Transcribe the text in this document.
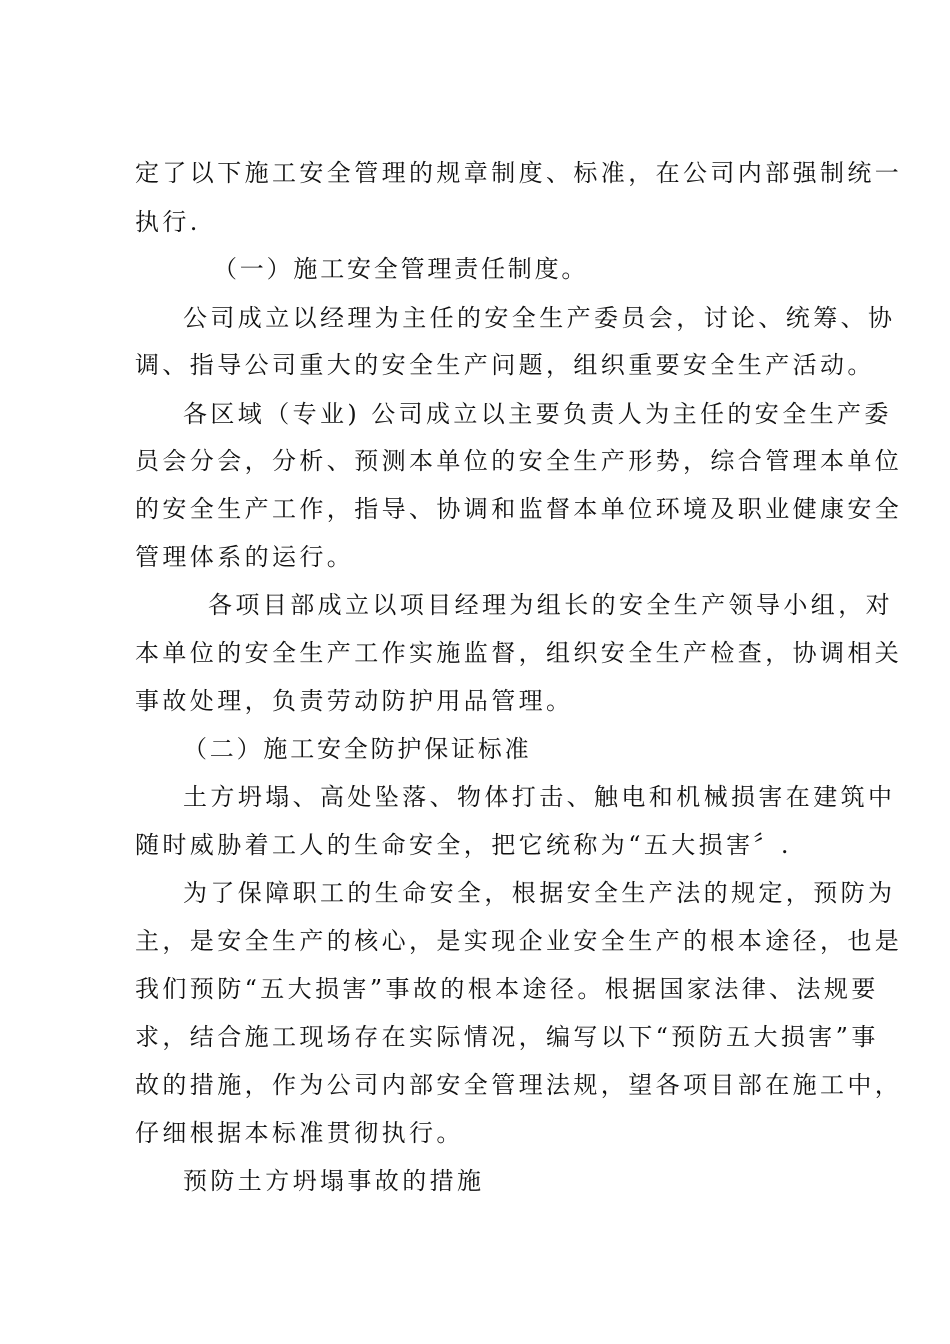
定了以下施工安全管理的规章制度、标准，在公司内部强制统一
执行.
（一）施工安全管理责任制度。
公司成立以经理为主任的安全生产委员会，讨论、统筹、协
调、指导公司重大的安全生产问题，组织重要安全生产活动。
各区域（专业) 公司成立以主要负责人为主任的安全生产委
员会分会，分析、预测本单位的安全生产形势，综合管理本单位
的安全生产工作，指导、协调和监督本单位环境及职业健康安全
管理体系的运行。
各项目部成立以项目经理为组长的安全生产领导小组，对
本单位的安全生产工作实施监督，组织安全生产检查，协调相关
事故处理，负责劳动防护用品管理。
（二）施工安全防护保证标准
土方坍塌、高处坠落、物体打击、触电和机械损害在建筑中
随时威胁着工人的生命安全，把它统称为“五大损害〞.
为了保障职工的生命安全，根据安全生产法的规定，预防为
主，是安全生产的核心，是实现企业安全生产的根本途径，也是
我们预防“五大损害”事故的根本途径。根据国家法律、法规要
求，结合施工现场存在实际情况，编写以下“预防五大损害”事
故的措施，作为公司内部安全管理法规，望各项目部在施工中，
仔细根据本标准贯彻执行。
预防土方坍塌事故的措施
